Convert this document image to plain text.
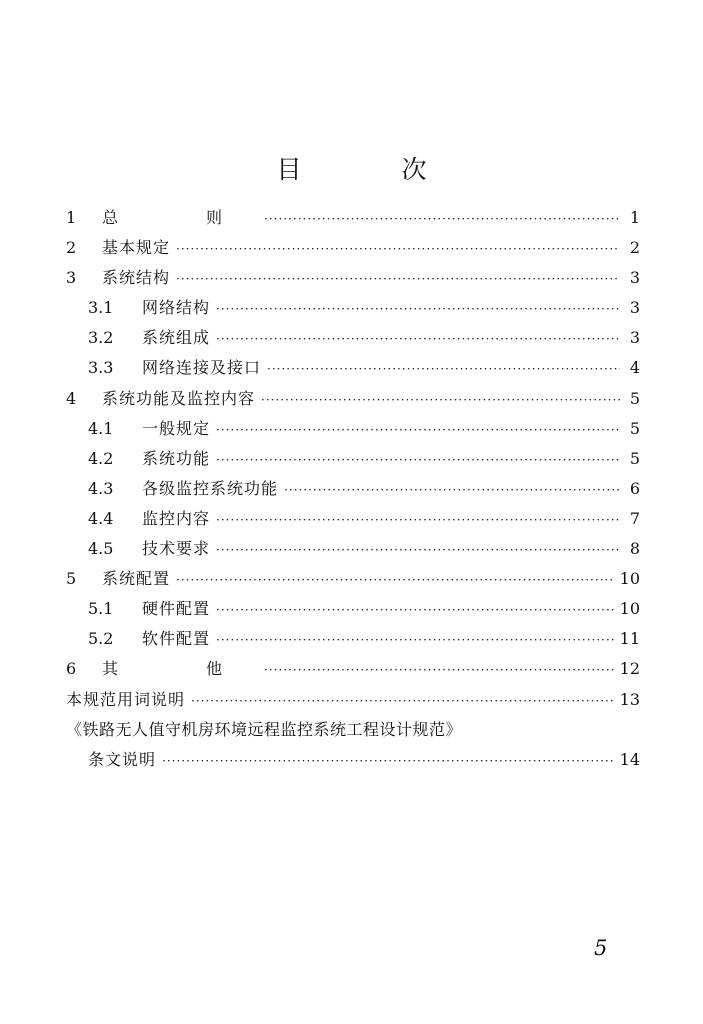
目 次
1	总　则 ·····	1
2	基本规定 ·····	2
3	系统结构 ·····	3
3.1	网络结构 ·····	3
3.2	系统组成 ·····	3
3.3	网络连接及接口 ·····	4
4	系统功能及监控内容 ·····	5
4.1	一般规定 ·····	5
4.2	系统功能 ·····	5
4.3	各级监控系统功能 ·····	6
4.4	监控内容 ·····	7
4.5	技术要求 ·····	8
5	系统配置 ·····	10
5.1	硬件配置 ·····	10
5.2	软件配置 ·····	11
6	其　他 ·····	12
本规范用词说明 ·····	13
《铁路无人值守机房环境远程监控系统工程设计规范》
条文说明 ·····	14
5
